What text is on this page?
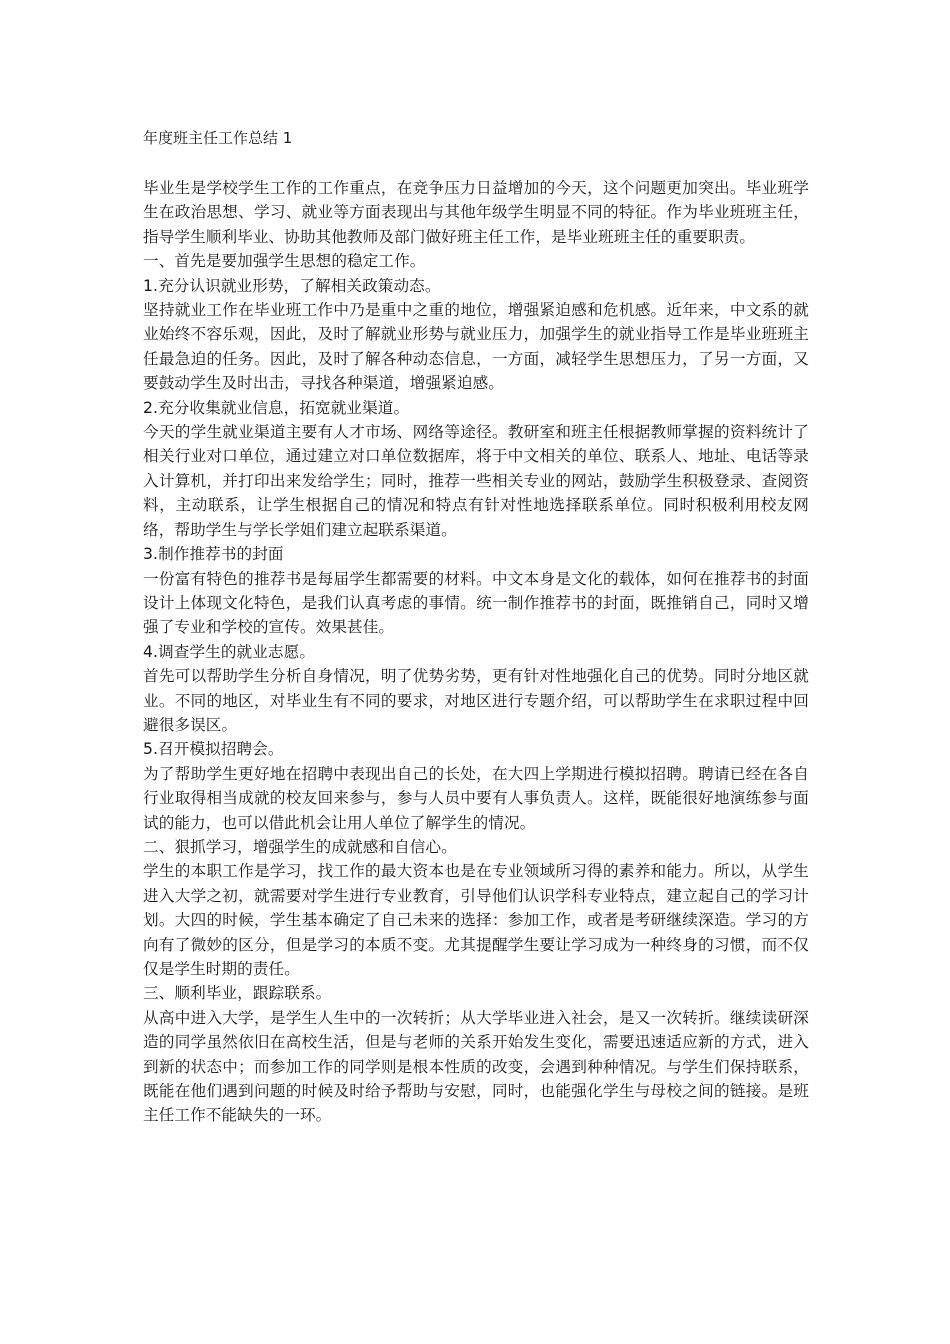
年度班主任工作总结 1

毕业生是学校学生工作的工作重点，在竞争压力日益增加的今天，这个问题更加突出。毕业班学生在政治思想、学习、就业等方面表现出与其他年级学生明显不同的特征。作为毕业班班主任，指导学生顺利毕业、协助其他教师及部门做好班主任工作，是毕业班班主任的重要职责。

一、首先是要加强学生思想的稳定工作。

1.充分认识就业形势，了解相关政策动态。

坚持就业工作在毕业班工作中乃是重中之重的地位，增强紧迫感和危机感。近年来，中文系的就业始终不容乐观，因此，及时了解就业形势与就业压力，加强学生的就业指导工作是毕业班班主任最急迫的任务。因此，及时了解各种动态信息，一方面，减轻学生思想压力，了另一方面，又要鼓动学生及时出击，寻找各种渠道，增强紧迫感。

2.充分收集就业信息，拓宽就业渠道。

今天的学生就业渠道主要有人才市场、网络等途径。教研室和班主任根据教师掌握的资料统计了相关行业对口单位，通过建立对口单位数据库，将于中文相关的单位、联系人、地址、电话等录入计算机，并打印出来发给学生；同时，推荐一些相关专业的网站，鼓励学生积极登录、查阅资料，主动联系，让学生根据自己的情况和特点有针对性地选择联系单位。同时积极利用校友网络，帮助学生与学长学姐们建立起联系渠道。

3.制作推荐书的封面

一份富有特色的推荐书是每届学生都需要的材料。中文本身是文化的载体，如何在推荐书的封面设计上体现文化特色，是我们认真考虑的事情。统一制作推荐书的封面，既推销自己，同时又增强了专业和学校的宣传。效果甚佳。

4.调查学生的就业志愿。

首先可以帮助学生分析自身情况，明了优势劣势，更有针对性地强化自己的优势。同时分地区就业。不同的地区，对毕业生有不同的要求，对地区进行专题介绍，可以帮助学生在求职过程中回避很多误区。

5.召开模拟招聘会。

为了帮助学生更好地在招聘中表现出自己的长处，在大四上学期进行模拟招聘。聘请已经在各自行业取得相当成就的校友回来参与，参与人员中要有人事负责人。这样，既能很好地演练参与面试的能力，也可以借此机会让用人单位了解学生的情况。

二、狠抓学习，增强学生的成就感和自信心。

学生的本职工作是学习，找工作的最大资本也是在专业领域所习得的素养和能力。所以，从学生进入大学之初，就需要对学生进行专业教育，引导他们认识学科专业特点，建立起自己的学习计划。大四的时候，学生基本确定了自己未来的选择：参加工作，或者是考研继续深造。学习的方向有了微妙的区分，但是学习的本质不变。尤其提醒学生要让学习成为一种终身的习惯，而不仅仅是学生时期的责任。

三、顺利毕业，跟踪联系。

从高中进入大学，是学生人生中的一次转折；从大学毕业进入社会，是又一次转折。继续读研深造的同学虽然依旧在高校生活，但是与老师的关系开始发生变化，需要迅速适应新的方式，进入到新的状态中；而参加工作的同学则是根本性质的改变，会遇到种种情况。与学生们保持联系，既能在他们遇到问题的时候及时给予帮助与安慰，同时，也能强化学生与母校之间的链接。是班主任工作不能缺失的一环。
